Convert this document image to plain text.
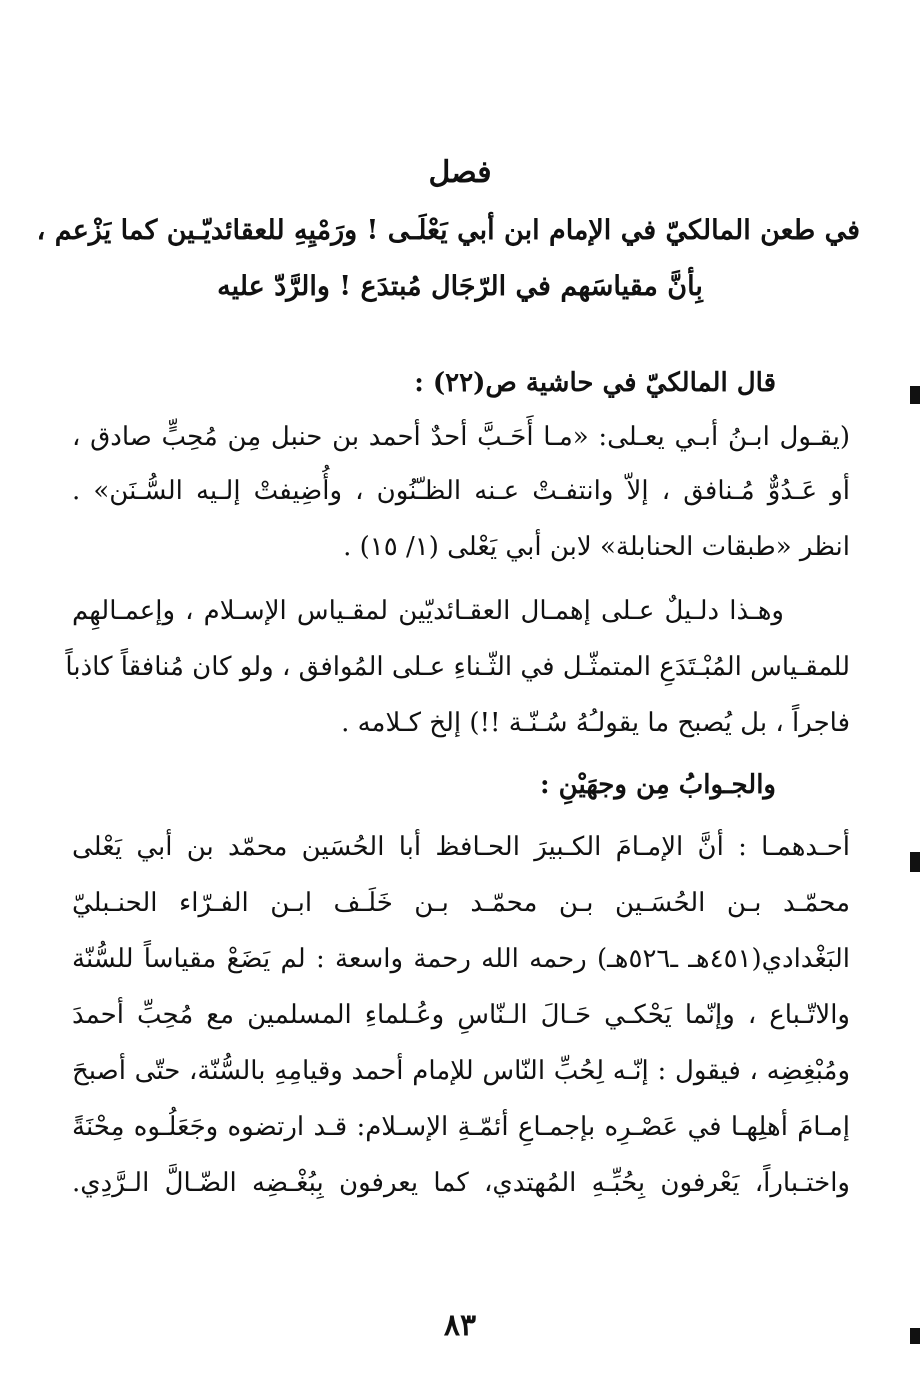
فصل
في طعن المالكيّ في الإمام ابن أبي يَعْلَـى ! ورَمْيِهِ للعقائديّـين كما يَزْعم ،
بِأنَّ مقياسَهم في الرّجَال مُبتدَع ! والرَّدّ عليه
قال المالكيّ في حاشية ص(٢٢) :
(يقـول ابـنُ أبـي يعـلى: «مـا أَحَـبَّ أحدٌ أحمد بن حنبل مِن مُحِبٍّ صادق ،
أو عَـدُوٌّ مُـنافق ، إلاّ وانتفـتْ عـنه الظـّنُون ، وأُضِيفتْ إلـيه السُّـنَن» .
انظر «طبقات الحنابلة» لابن أبي يَعْلى (١/ ١٥) .
وهـذا دلـيلٌ عـلى إهمـال العقـائديّين لمقـياس الإسـلام ، وإعمـالهِم
للمقـياس المُبْـتَدَعِ المتمثّـل في الثّـناءِ عـلى المُوافق ، ولو كان مُنافقاً كاذباً
فاجراً ، بل يُصبح ما يقولـُهُ سُـنّـة !!) إلخ كـلامه .
والجـوابُ مِن وجهَيْنِ :
أحـدهمـا : أنَّ الإمـامَ الكـبيرَ الحـافظ أبا الحُسَين محمّد بن أبي يَعْلى
محمّـد بـن الحُسَـين بـن محمّـد بـن خَلَـف ابـن الفـرّاء الحنـبليّ
البَغْدادي(٤٥١هـ ـ٥٢٦هـ) رحمه الله رحمة واسعة : لم يَضَعْ مقياساً للسُّنّة
والاتّـباع ، وإنّما يَحْكـي حَـالَ الـنّاسِ وعُـلماءِ المسلمين مع مُحِبِّ أحمدَ
ومُبْغِضِه ، فيقول : إنّـه لِحُبِّ النّاس للإمام أحمد وقيامِهِ بالسُّنّة، حتّى أصبحَ
إمـامَ أهلِهـا في عَصْـرِه بإجمـاعِ أئمّـةِ الإسـلام: قـد ارتضوه وجَعَلُـوه مِحْنَةً
واختـباراً، يَعْرفون بِحُبِّـهِ المُهتدي، كما يعرفون بِبُغْـضِه الضّـالَّ الـرَّدِي.
٨٣
